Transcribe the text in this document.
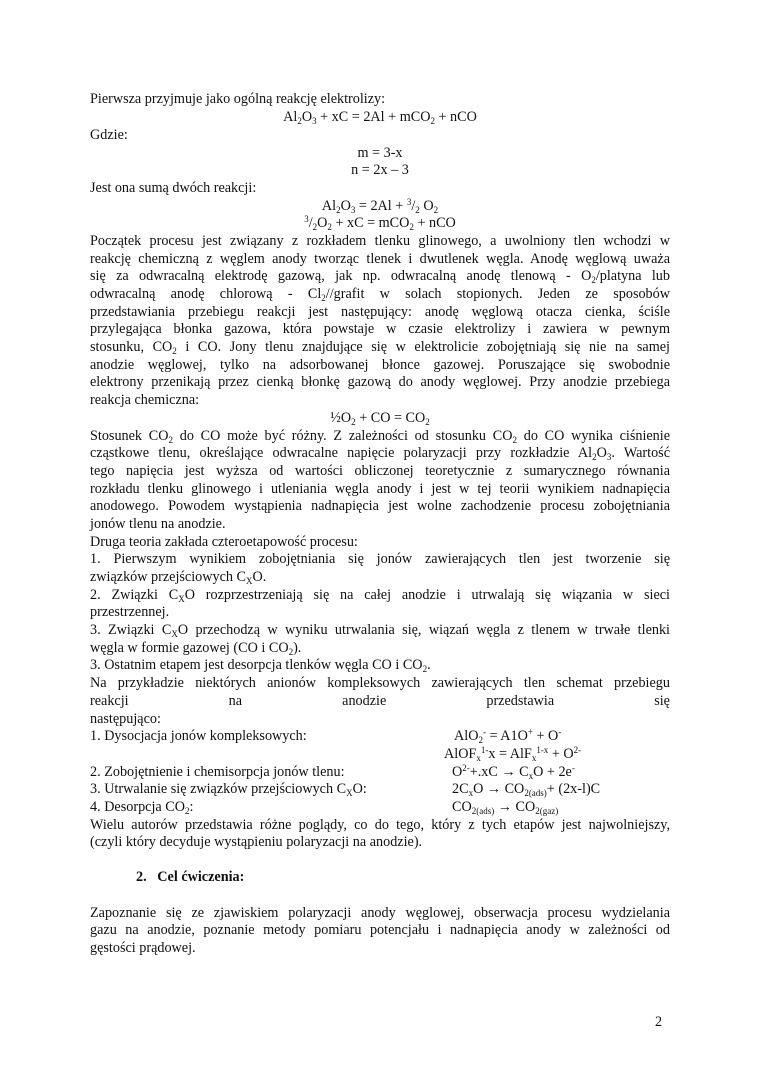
Pierwsza przyjmuje jako ogólną reakcję elektrolizy:
$Al_2O_3$ + xC = 2Al + mCO$_2$ + nCO
Gdzie:
m = 3-x
n = 2x – 3
Jest ona sumą dwóch reakcji:
$Al_2O_3 = 2Al + ^3/_2$ $O_2$
$^3/_2O_2$ + xC = mCO$_2$ + nCO
Początek procesu jest związany z rozkładem tlenku glinowego, a uwolniony tlen wchodzi w
reakcję chemiczną z węglem anody tworząc tlenek i dwutlenek węgla. Anodę węglową uważa
się za odwracalną elektrodę gazową, jak np. odwracalną anodę tlenową - $O_2$/platyna lub
odwracalną anodę chlorową - $Cl_2/$/grafit w solach stopionych. Jeden ze sposobów
przedstawiania przebiegu reakcji jest następujący: anodę węglową otacza cienka, ściśle
przylegająca błonka gazowa, która powstaje w czasie elektrolizy i zawiera w pewnym
stosunku, $CO_2$ i CO. Jony tlenu znajdujące się w elektrolicie zobojętniają się nie na samej
anodzie węglowej, tylko na adsorbowanej błonce gazowej. Poruszające się swobodnie
elektrony przenikają przez cienką błonkę gazową do anody węglowej. Przy anodzie przebiega
reakcja chemiczna:
$\frac{1}{2}O_2$ + CO = $CO_2$
Stosunek $CO_2$ do CO może być różny. Z zależności od stosunku $CO_2$ do CO wynika ciśnienie
cząstkowe tlenu, określające odwracalne napięcie polaryzacji przy rozkładzie $Al_2O_3$. Wartość
tego napięcia jest wyższa od wartości obliczonej teoretycznie z sumarycznego równania
rozkładu tlenku glinowego i utleniania węgla anody i jest w tej teorii wynikiem nadnapięcia
anodowego. Powodem wystąpienia nadnapięcia jest wolne zachodzenie procesu zobojętniania
jonów tlenu na anodzie.
Druga teoria zakłada czteroetapowość procesu:
1. Pierwszym wynikiem zobojętniania się jonów zawierających tlen jest tworzenie się
związków przejściowych $C_XO$.
2. Związki $C_XO$ rozprzestrzeniają się na całej anodzie i utrwalają się wiązania w sieci
przestrzennej.
3. Związki $C_XO$ przechodzą w wyniku utrwalania się, wiązań węgla z tlenem w trwałe tlenki
węgla w formie gazowej (CO i $CO_2$).
3. Ostatnim etapem jest desorpcja tlenków węgla CO i $CO_2$.
Na przykładzie niektórych anionów kompleksowych zawierających tlen schemat przebiegu
reakcji	na	anodzie	przedstawia	się
następująco:
1. Dysocjacja jonów kompleksowych:	AlO$_2$- = A1O+ + O-
AlOF$_x^{1-}$x = $AlF_x^{1-x} + O^{2-}$
2. Zobojętnienie i chemisorpcja jonów tlenu:	$O^{2-}+.xC \to C_xO + 2e^-$
3. Utrwalanie się związków przejściowych $C_XO$:	$2C_xO \to CO_{2(ads)}+ (2x-l)C$
4. Desorpcja $CO_2$:	$CO_{2(ads)} \to CO_{2(gaz)}$
Wielu autorów przedstawia różne poglądy, co do tego, który z tych etapów jest najwolniejszy,
(czyli który decyduje wystąpieniu polaryzacji na anodzie).
2.   Cel ćwiczenia:
Zapoznanie się ze zjawiskiem polaryzacji anody węglowej, obserwacja procesu wydzielania
gazu na anodzie, poznanie metody pomiaru potencjału i nadnapięcia anody w zależności od
gęstości prądowej.
2
